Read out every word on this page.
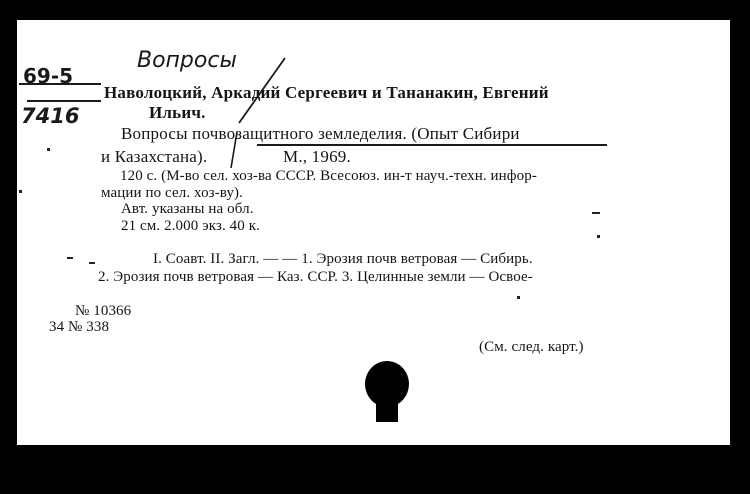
Вопросы
69-5
7416
Наволоцкий, Аркадий Сергеевич и Тананакин, Евгений
Ильич.
Вопросы почвозащитного земледелия. (Опыт Сибири
и Казахстана).	М., 1969.
120 с. (М-во сел. хоз-ва СССР. Всесоюз. ин-т науч.-техн. инфор-
мации по сел. хоз-ву).
Авт. указаны на обл.
21 см. 2.000 экз. 40 к.
I. Соавт. II. Загл. — — 1. Эрозия почв ветровая — Сибирь.
2. Эрозия почв ветровая — Каз. ССР. 3. Целинные земли — Освое-
№ 10366
34 № 338
(См. след. карт.)
